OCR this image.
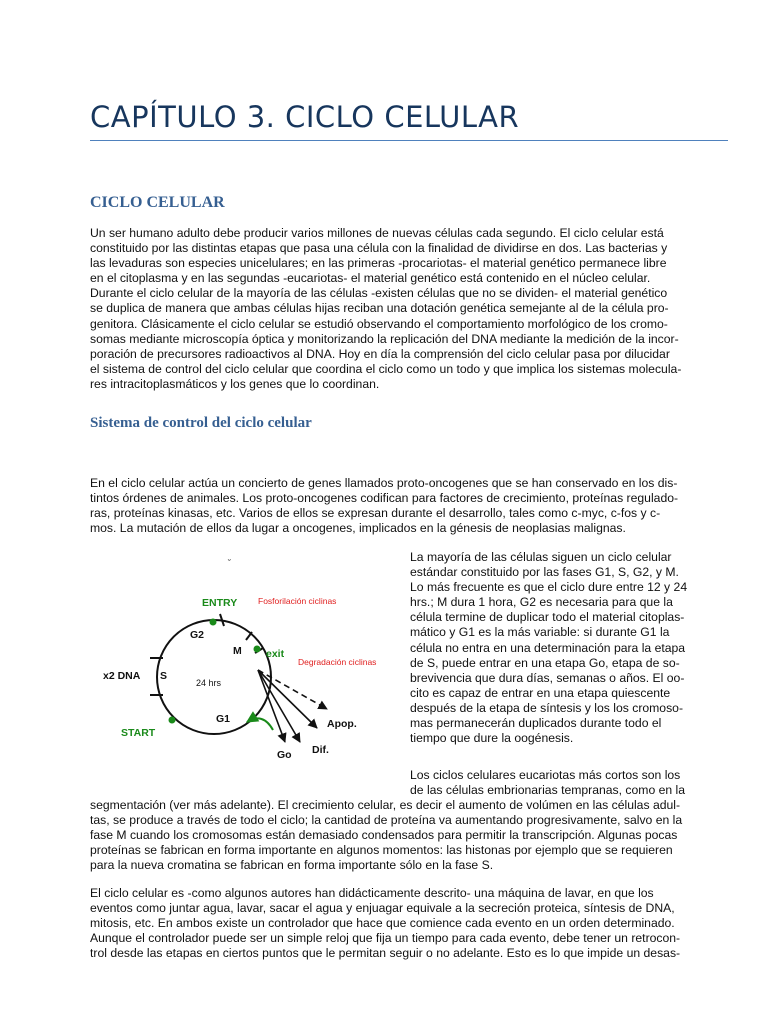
CAPÍTULO 3. CICLO CELULAR
CICLO CELULAR
Un ser humano adulto debe producir varios millones de nuevas células cada segundo. El ciclo celular está
constituido por las distintas etapas que pasa una célula con la finalidad de dividirse en dos. Las bacterias y
las levaduras son especies unicelulares; en las primeras -procariotas- el material genético permanece libre
en el citoplasma y en las segundas -eucariotas- el material genético está contenido en el núcleo celular.
Durante el ciclo celular de la mayoría de las células -existen células que no se dividen- el material genético
se duplica de manera que ambas células hijas reciban una dotación genética semejante al de la célula pro-
genitora. Clásicamente el ciclo celular se estudió observando el comportamiento morfológico de los cromo-
somas mediante microscopía óptica y monitorizando la replicación del DNA mediante la medición de la incor-
poración de precursores radioactivos al DNA. Hoy en día la comprensión del ciclo celular pasa por dilucidar
el sistema de control del ciclo celular que coordina el ciclo como un todo y que implica los sistemas molecula-
res intracitoplasmáticos y los genes que lo coordinan.
Sistema de control del ciclo celular
En el ciclo celular actúa un concierto de genes llamados proto-oncogenes que se han conservado en los dis-
tintos órdenes de animales. Los proto-oncogenes codifican para factores de crecimiento, proteínas regulado-
ras, proteínas kinasas, etc. Varios de ellos se expresan durante el desarrollo, tales como c-myc, c-fos y c-
mos. La mutación de ellos da lugar a oncogenes, implicados en la génesis de neoplasias malignas.
˘
ENTRY Fosforilación ciclinas
G2
M exit
Degradación ciclinas
x2 DNA S
24 hrs
Apop.
START
G1
Go Dif.
La mayoría de las células siguen un ciclo celular
estándar constituido por las fases G1, S, G2, y M.
Lo más frecuente es que el ciclo dure entre 12 y 24
hrs.; M dura 1 hora, G2 es necesaria para que la
célula termine de duplicar todo el material citoplas-
mático y G1 es la más variable: si durante G1 la
célula no entra en una determinación para la etapa
de S, puede entrar en una etapa Go, etapa de so-
brevivencia que dura días, semanas o años. El oo-
cito es capaz de entrar en una etapa quiescente
después de la etapa de síntesis y los los cromoso-
mas permanecerán duplicados durante todo el
tiempo que dure la oogénesis.
Los ciclos celulares eucariotas más cortos son los
de las células embrionarias tempranas, como en la
segmentación (ver más adelante). El crecimiento celular, es decir el aumento de volúmen en las células adul-
tas, se produce a través de todo el ciclo; la cantidad de proteína va aumentando progresivamente, salvo en la
fase M cuando los cromosomas están demasiado condensados para permitir la transcripción. Algunas pocas
proteínas se fabrican en forma importante en algunos momentos: las histonas por ejemplo que se requieren
para la nueva cromatina se fabrican en forma importante sólo en la fase S.
El ciclo celular es -como algunos autores han didácticamente descrito- una máquina de lavar, en que los
eventos como juntar agua, lavar, sacar el agua y enjuagar equivale a la secreción proteica, síntesis de DNA,
mitosis, etc. En ambos existe un controlador que hace que comience cada evento en un orden determinado.
Aunque el controlador puede ser un simple reloj que fija un tiempo para cada evento, debe tener un retrocon-
trol desde las etapas en ciertos puntos que le permitan seguir o no adelante. Esto es lo que impide un desas-
